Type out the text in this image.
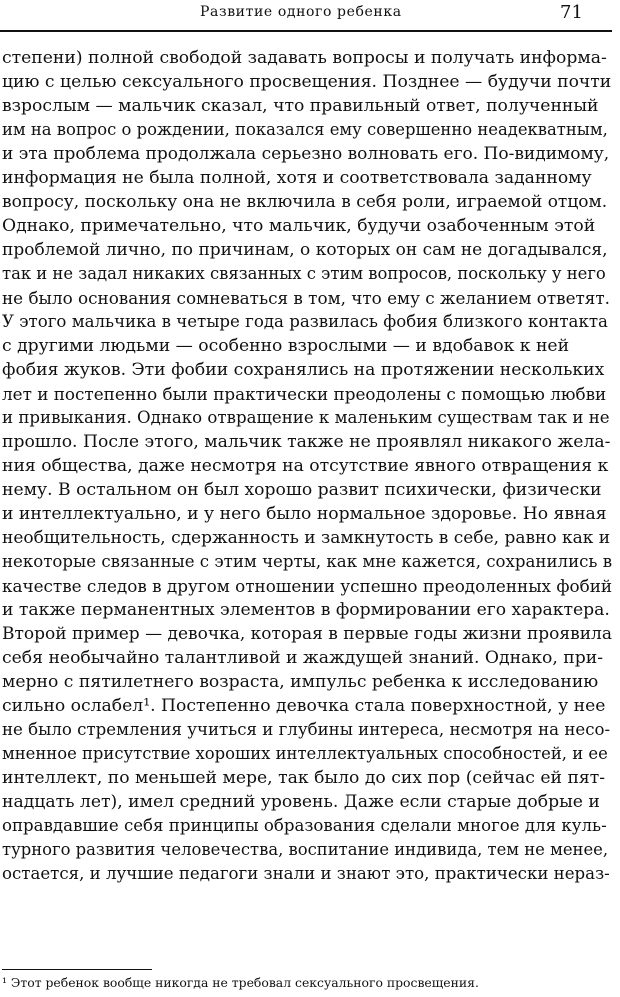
Развитие одного ребенка	71
степени) полной свободой задавать вопросы и получать информа-
цию с целью сексуального просвещения. Позднее — будучи почти
взрослым — мальчик сказал, что правильный ответ, полученный
им на вопрос о рождении, показался ему совершенно неадекватным,
и эта проблема продолжала серьезно волновать его. По-видимому,
информация не была полной, хотя и соответствовала заданному
вопросу, поскольку она не включила в себя роли, играемой отцом.
Однако, примечательно, что мальчик, будучи озабоченным этой
проблемой лично, по причинам, о которых он сам не догадывался,
так и не задал никаких связанных с этим вопросов, поскольку у него
не было основания сомневаться в том, что ему с желанием ответят.
У этого мальчика в четыре года развилась фобия близкого контакта
с другими людьми — особенно взрослыми — и вдобавок к ней
фобия жуков. Эти фобии сохранялись на протяжении нескольких
лет и постепенно были практически преодолены с помощью любви
и привыкания. Однако отвращение к маленьким существам так и не
прошло. После этого, мальчик также не проявлял никакого жела-
ния общества, даже несмотря на отсутствие явного отвращения к
нему. В остальном он был хорошо развит психически, физически
и интеллектуально, и у него было нормальное здоровье. Но явная
необщительность, сдержанность и замкнутость в себе, равно как и
некоторые связанные с этим черты, как мне кажется, сохранились в
качестве следов в другом отношении успешно преодоленных фобий
и также перманентных элементов в формировании его характера.
Второй пример — девочка, которая в первые годы жизни проявила
себя необычайно талантливой и жаждущей знаний. Однако, при-
мерно с пятилетнего возраста, импульс ребенка к исследованию
сильно ослабел¹. Постепенно девочка стала поверхностной, у нее
не было стремления учиться и глубины интереса, несмотря на несо-
мненное присутствие хороших интеллектуальных способностей, и ее
интеллект, по меньшей мере, так было до сих пор (сейчас ей пят-
надцать лет), имел средний уровень. Даже если старые добрые и
оправдавшие себя принципы образования сделали многое для куль-
турного развития человечества, воспитание индивида, тем не менее,
остается, и лучшие педагоги знали и знают это, практически нераз-
¹ Этот ребенок вообще никогда не требовал сексуального просвещения.
